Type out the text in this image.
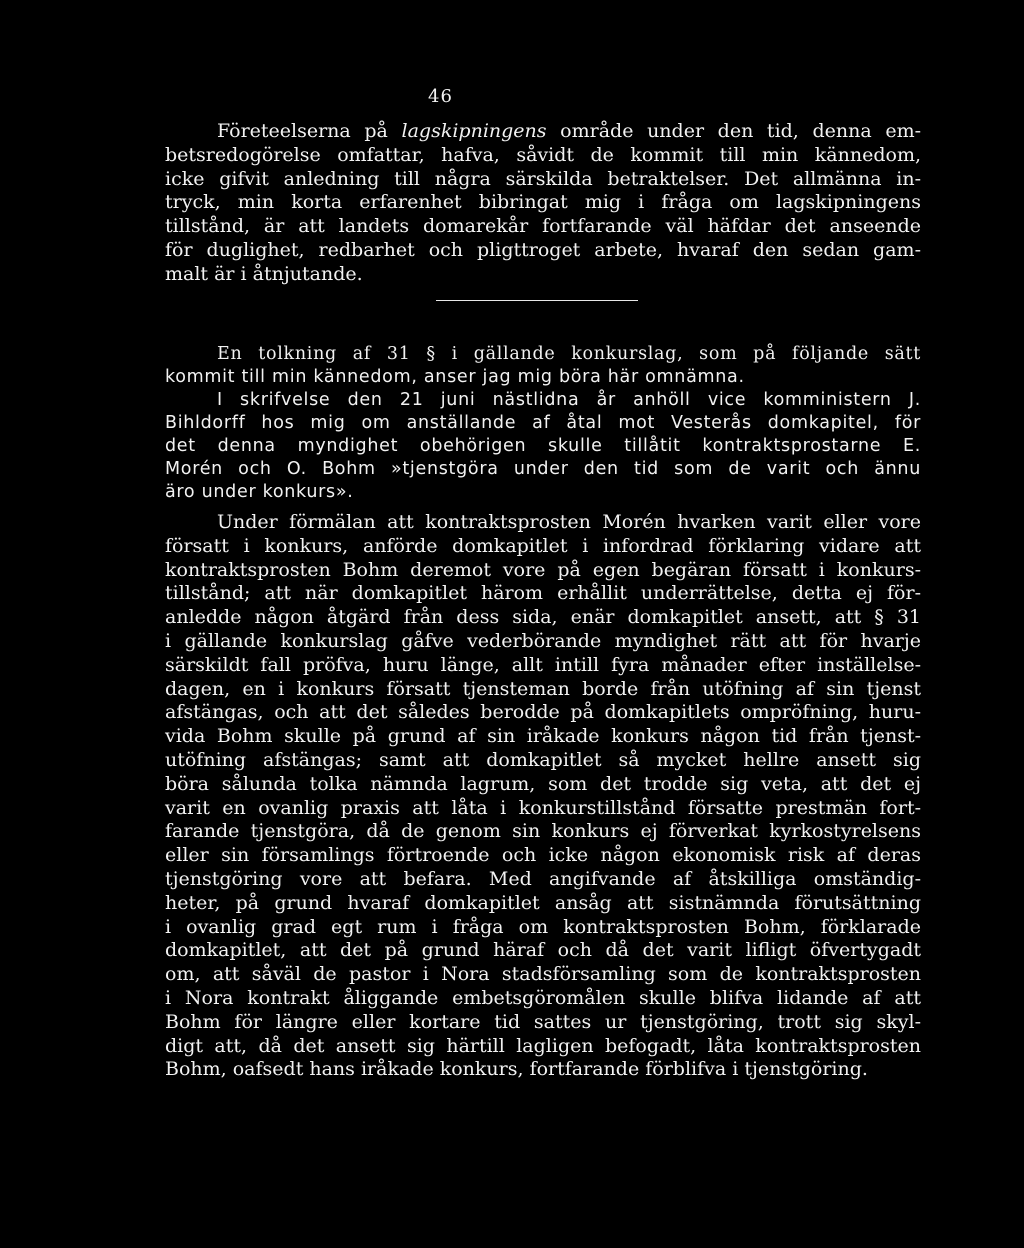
46
Företeelserna på lagskipningens område under den tid, denna em-
betsredogörelse omfattar, hafva, såvidt de kommit till min kännedom,
icke gifvit anledning till några särskilda betraktelser. Det allmänna in-
tryck, min korta erfarenhet bibringat mig i fråga om lagskipningens
tillstånd, är att landets domarekår fortfarande väl häfdar det anseende
för duglighet, redbarhet och pligttroget arbete, hvaraf den sedan gam-
malt är i åtnjutande.
En tolkning af 31 § i gällande konkurslag, som på följande sätt
kommit till min kännedom, anser jag mig böra här omnämna.
I skrifvelse den 21 juni nästlidna år anhöll vice komministern J.
Bihldorff hos mig om anställande af åtal mot Vesterås domkapitel, för
det denna myndighet obehörigen skulle tillåtit kontraktsprostarne E.
Morén och O. Bohm »tjenstgöra under den tid som de varit och ännu
äro under konkurs».
Under förmälan att kontraktsprosten Morén hvarken varit eller vore
försatt i konkurs, anförde domkapitlet i infordrad förklaring vidare att
kontraktsprosten Bohm deremot vore på egen begäran försatt i konkurs-
tillstånd; att när domkapitlet härom erhållit underrättelse, detta ej för-
anledde någon åtgärd från dess sida, enär domkapitlet ansett, att § 31
i gällande konkurslag gåfve vederbörande myndighet rätt att för hvarje
särskildt fall pröfva, huru länge, allt intill fyra månader efter inställelse-
dagen, en i konkurs försatt tjensteman borde från utöfning af sin tjenst
afstängas, och att det således berodde på domkapitlets ompröfning, huru-
vida Bohm skulle på grund af sin iråkade konkurs någon tid från tjenst-
utöfning afstängas; samt att domkapitlet så mycket hellre ansett sig
böra sålunda tolka nämnda lagrum, som det trodde sig veta, att det ej
varit en ovanlig praxis att låta i konkurstillstånd försatte prestmän fort-
farande tjenstgöra, då de genom sin konkurs ej förverkat kyrkostyrelsens
eller sin församlings förtroende och icke någon ekonomisk risk af deras
tjenstgöring vore att befara. Med angifvande af åtskilliga omständig-
heter, på grund hvaraf domkapitlet ansåg att sistnämnda förutsättning
i ovanlig grad egt rum i fråga om kontraktsprosten Bohm, förklarade
domkapitlet, att det på grund häraf och då det varit lifligt öfvertygadt
om, att såväl de pastor i Nora stadsförsamling som de kontraktsprosten
i Nora kontrakt åliggande embetsgöromålen skulle blifva lidande af att
Bohm för längre eller kortare tid sattes ur tjenstgöring, trott sig skyl-
digt att, då det ansett sig härtill lagligen befogadt, låta kontraktsprosten
Bohm, oafsedt hans iråkade konkurs, fortfarande förblifva i tjenstgöring.
